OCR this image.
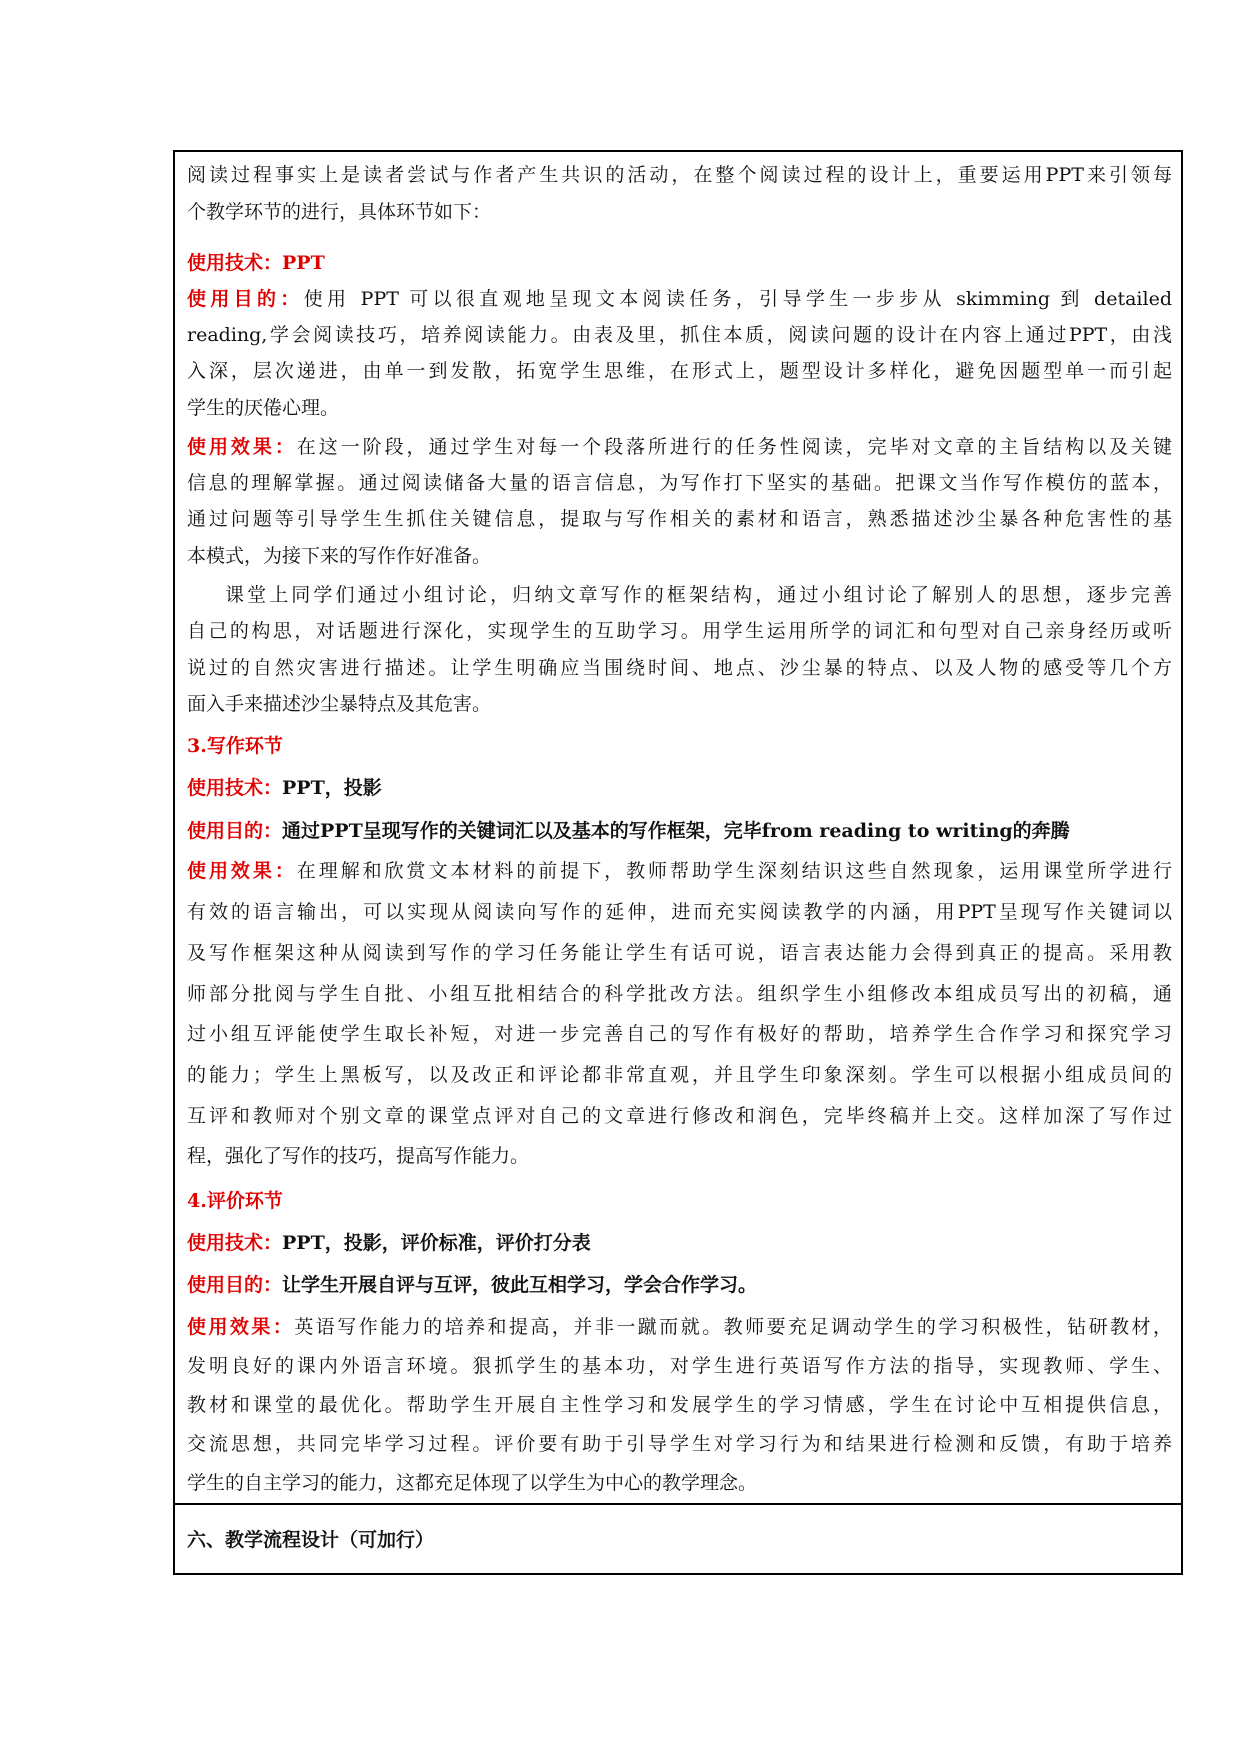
阅读过程事实上是读者尝试与作者产生共识的活动，在整个阅读过程的设计上，重要运用PPT来引领每
个教学环节的进行，具体环节如下：
使用技术：PPT
使用目的：使用 PPT 可以很直观地呈现文本阅读任务，引导学生一步步从 skimming 到 detailed
reading,学会阅读技巧，培养阅读能力。由表及里，抓住本质，阅读问题的设计在内容上通过PPT，由浅
入深，层次递进，由单一到发散，拓宽学生思维，在形式上，题型设计多样化，避免因题型单一而引起
学生的厌倦心理。
使用效果：在这一阶段，通过学生对每一个段落所进行的任务性阅读，完毕对文章的主旨结构以及关键
信息的理解掌握。通过阅读储备大量的语言信息，为写作打下坚实的基础。把课文当作写作模仿的蓝本，
通过问题等引导学生生抓住关键信息，提取与写作相关的素材和语言，熟悉描述沙尘暴各种危害性的基
本模式，为接下来的写作作好准备。
课堂上同学们通过小组讨论，归纳文章写作的框架结构，通过小组讨论了解别人的思想，逐步完善
自己的构思，对话题进行深化，实现学生的互助学习。用学生运用所学的词汇和句型对自己亲身经历或听
说过的自然灾害进行描述。让学生明确应当围绕时间、地点、沙尘暴的特点、以及人物的感受等几个方
面入手来描述沙尘暴特点及其危害。
3.写作环节
使用技术：PPT，投影
使用目的：通过PPT呈现写作的关键词汇以及基本的写作框架，完毕from reading to writing的奔腾
使用效果：在理解和欣赏文本材料的前提下，教师帮助学生深刻结识这些自然现象，运用课堂所学进行
有效的语言输出，可以实现从阅读向写作的延伸，进而充实阅读教学的内涵，用PPT呈现写作关键词以
及写作框架这种从阅读到写作的学习任务能让学生有话可说，语言表达能力会得到真正的提高。采用教
师部分批阅与学生自批、小组互批相结合的科学批改方法。组织学生小组修改本组成员写出的初稿，通
过小组互评能使学生取长补短，对进一步完善自己的写作有极好的帮助，培养学生合作学习和探究学习
的能力；学生上黑板写，以及改正和评论都非常直观，并且学生印象深刻。学生可以根据小组成员间的
互评和教师对个别文章的课堂点评对自己的文章进行修改和润色，完毕终稿并上交。这样加深了写作过
程，强化了写作的技巧，提高写作能力。
4.评价环节
使用技术：PPT，投影，评价标准，评价打分表
使用目的：让学生开展自评与互评，彼此互相学习，学会合作学习。
使用效果：英语写作能力的培养和提高，并非一蹴而就。教师要充足调动学生的学习积极性，钻研教材，
发明良好的课内外语言环境。狠抓学生的基本功，对学生进行英语写作方法的指导，实现教师、学生、
教材和课堂的最优化。帮助学生开展自主性学习和发展学生的学习情感，学生在讨论中互相提供信息，
交流思想，共同完毕学习过程。评价要有助于引导学生对学习行为和结果进行检测和反馈，有助于培养
学生的自主学习的能力，这都充足体现了以学生为中心的教学理念。
六、教学流程设计（可加行）
